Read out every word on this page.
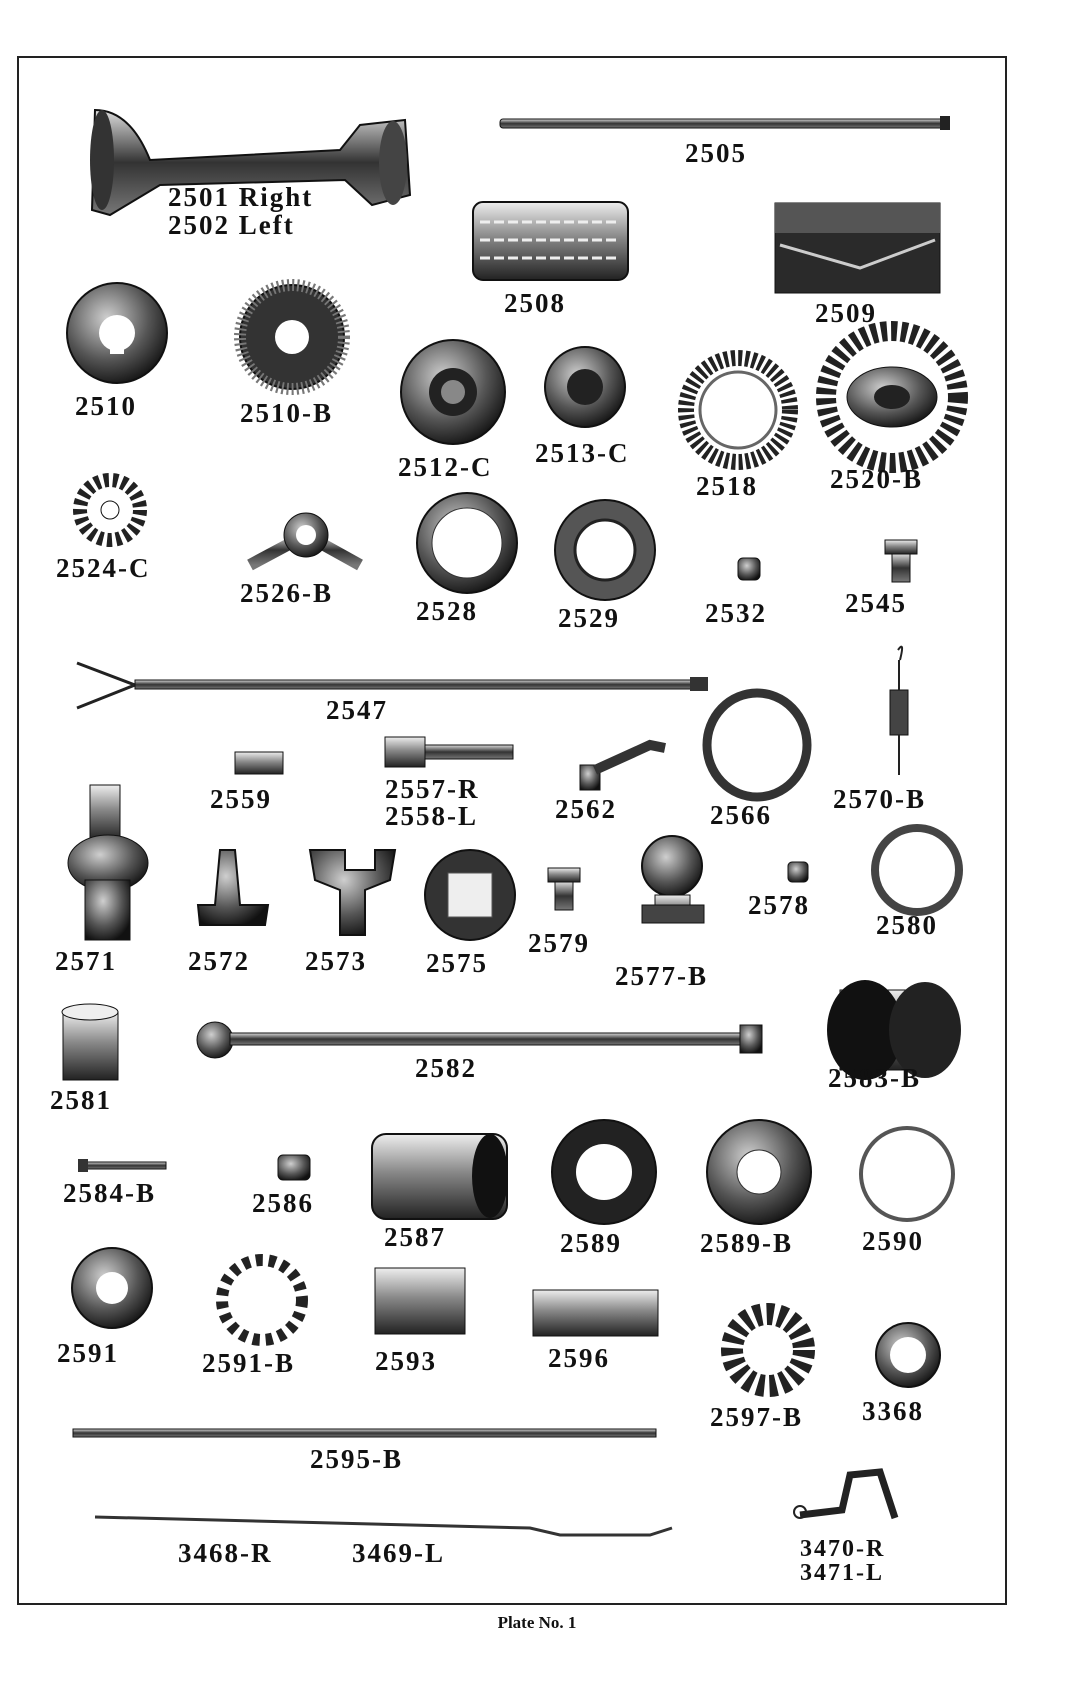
2501 Right
2502 Left
2505
2508	2509
2510	2510-B
2512-C 2513-C
2518	2520-B
2524-C
2526-B
2528	2529	2532	2545
2547
2559	2557-R
2558-L	2562	2566
2570-B
2571	2572 2573 2575
2579
2577-B
2578
2580
2581
2582	2583-B
2584-B	2586
2587	2589	2589-B	2590
2591	2591-B	2593	2596
2597-B 3368
2595-B
3468-R	3469-L	3470-R
3471-L
Plate No. 1
